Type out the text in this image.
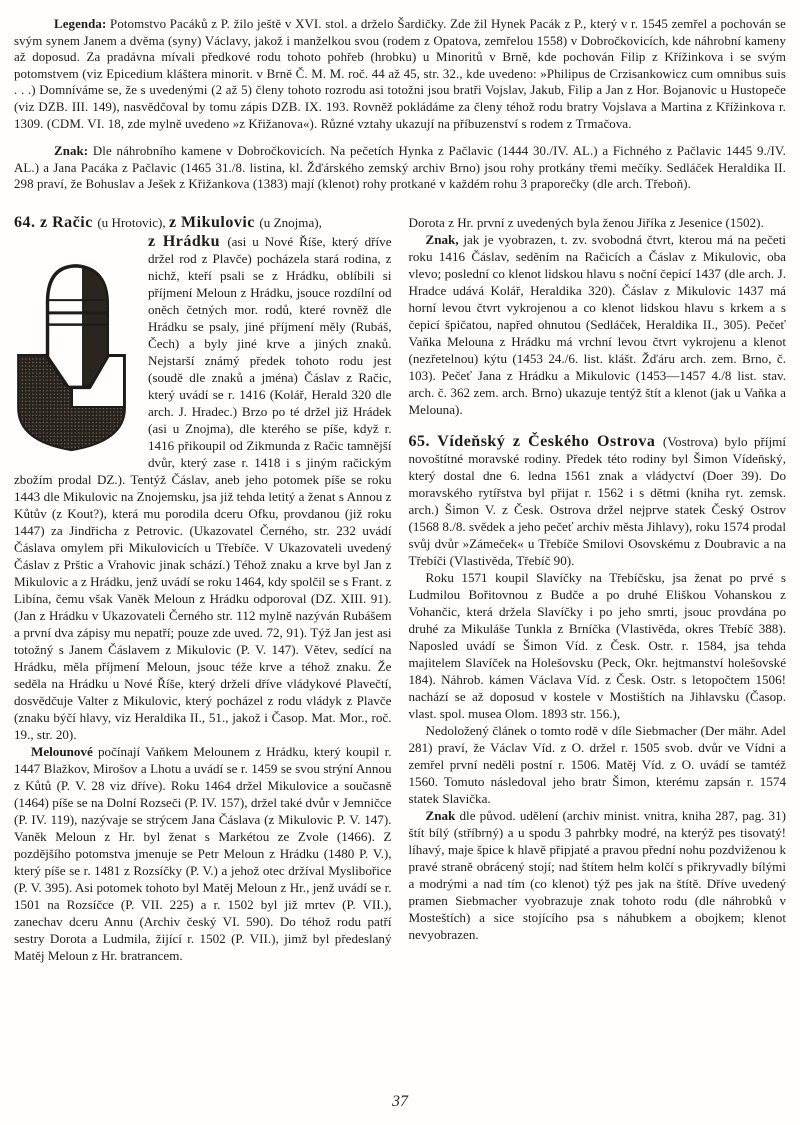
Legenda: Potomstvo Pacáků z P. žilo ještě v XVI. stol. a drželo Šardičky. Zde žil Hynek Pacák z P., který v r. 1545 zemřel a pochován se svým synem Janem a dvěma (syny) Václavy, jakož i manželkou svou (rodem z Opatova, zemřelou 1558) v Dobročkovicích, kde náhrobní kameny až doposud. Za pradávna mívali předkové rodu tohoto pohřeb (hrobku) u Minoritů v Brně, kde pochován Filip z Křížinkova i se svým potomstvem (viz Epicedium kláštera minorit. v Brně Č. M. M. roč. 44 až 45, str. 32., kde uvedeno: »Philipus de Crzisankowicz cum omnibus suis . . .) Domníváme se, že s uvedenými (2 až 5) členy tohoto rozrodu asi totožni jsou bratři Vojslav, Jakub, Filip a Jan z Hor. Bojanovic u Hustopeče (viz DZB. III. 149), nasvědčoval by tomu zápis DZB. IX. 193. Rovněž pokládáme za členy téhož rodu bratry Vojslava a Martina z Křížinkova r. 1309. (CDM. VI. 18, zde mylně uvedeno »z Křižanova«). Různé vztahy ukazují na příbuzenství s rodem z Trmačova.

Znak: Dle náhrobního kamene v Dobročkovicích. Na pečetích Hynka z Pačlavic (1444 30./IV. AL.) a Fichného z Pačlavic 1445 9./IV. AL.) a Jana Pacáka z Pačlavic (1465 31./8. listina, kl. Žďárského zemský archiv Brno) jsou rohy protkány třemi mečíky. Sedláček Heraldika II. 298 praví, že Bohuslav a Ješek z Křižankova (1383) mají (klenot) rohy protkané v každém rohu 3 praporečky (dle arch. Třeboň).

64. z Račic (u Hrotovic), z Mikulovic (u Znojma),

z Hrádku (asi u Nové Říše, který dříve držel rod z Plavče) pocházela stará rodina, z nichž, kteří psali se z Hrádku, oblíbili si příjmení Meloun z Hrádku, jsouce rozdílní od oněch četných mor. rodů, které rovněž dle Hrádku se psaly, jiné příjmení měly (Rubáš, Čech) a byly jiné krve a jiných znaků. Nejstarší známý předek tohoto rodu jest (soudě dle znaků a jména) Čáslav z Račic, který uvádí se r. 1416 (Kolář, Herald 320 dle arch. J. Hradec.) Brzo po té držel již Hrádek (asi u Znojma), dle kterého se píše, když r. 1416 přikoupil od Zikmunda z Račic tamnější dvůr, který zase r. 1418 i s jiným račickým zbožím prodal DZ.). Tentýž Čáslav, aneb jeho potomek píše se roku 1443 dle Mikulovic na Znojemsku, jsa již tehda letitý a ženat s Annou z Kůtův (z Kout?), která mu porodila dceru Ofku, provdanou (již roku 1447) za Jindřicha z Petrovic. (Ukazovatel Černého, str. 232 uvádí Čáslava omylem při Mikulovicích u Třebíče. V Ukazovateli uvedený Čáslav z Prštic a Vrahovic jinak schází.) Téhož znaku a krve byl Jan z Mikulovic a z Hrádku, jenž uvádí se roku 1464, kdy spolčil se s Frant. z Libína, čemu však Vaněk Meloun z Hrádku odporoval (DZ. XIII. 91). (Jan z Hrádku v Ukazovateli Černého str. 112 mylně nazýván Rubášem a první dva zápisy mu nepatří; pouze zde uved. 72, 91). Týž Jan jest asi totožný s Janem Čáslavem z Mikulovic (P. V. 147). Větev, sedící na Hrádku, měla příjmení Meloun, jsouc téže krve a téhož znaku. Že seděla na Hrádku u Nové Říše, který drželi dříve vládykové Plavečtí, dosvědčuje Valter z Mikulovic, který pocházel z rodu vládyk z Plavče (znaku býčí hlavy, viz Heraldika II., 51., jakož i Časop. Mat. Mor., roč. 19., str. 20).

Melounové počínají Vaňkem Melounem z Hrádku, který koupil r. 1447 Blažkov, Mirošov a Lhotu a uvádí se r. 1459 se svou strýní Annou z Kůtů (P. V. 28 viz dříve). Roku 1464 držel Mikulovice a současně (1464) píše se na Dolní Rozseči (P. IV. 157), držel také dvůr v Jemničce (P. IV. 119), nazývaje se strýcem Jana Čáslava (z Mikulovic P. V. 147). Vaněk Meloun z Hr. byl ženat s Markétou ze Zvole (1466). Z pozdějšího potomstva jmenuje se Petr Meloun z Hrádku (1480 P. V.), který píše se r. 1481 z Rozsíčky (P. V.) a jehož otec držíval Myslibořice (P. V. 395). Asi potomek tohoto byl Matěj Meloun z Hr., jenž uvádí se r. 1501 na Rozsíčce (P. VII. 225) a r. 1502 byl již mrtev (P. VII.), zanechav dceru Annu (Archiv český VI. 590). Do téhož rodu patří sestry Dorota a Ludmila, žijící r. 1502 (P. VII.), jimž byl předeslaný Matěj Meloun z Hr. bratrancem.

Dorota z Hr. první z uvedených byla ženou Jiříka z Jesenice (1502).

Znak, jak je vyobrazen, t. zv. svobodná čtvrt, kterou má na pečeti roku 1416 Čáslav, seděním na Račicích a Čáslav z Mikulovic, oba vlevo; poslední co klenot lidskou hlavu s noční čepicí 1437 (dle arch. J. Hradce udává Kolář, Heraldika 320). Čáslav z Mikulovic 1437 má horní levou čtvrt vykrojenou a co klenot lidskou hlavu s krkem a s čepicí špičatou, napřed ohnutou (Sedláček, Heraldika II., 305). Pečeť Vaňka Melouna z Hrádku má vrchní levou čtvrt vykrojenu a klenot (nezřetelnou) kýtu (1453 24./6. list. klášt. Žďáru arch. zem. Brno, č. 103). Pečeť Jana z Hrádku a Mikulovic (1453—1457 4./8 list. stav. arch. č. 362 zem. arch. Brno) ukazuje tentýž štít a klenot (jak u Vaňka a Melouna).

65. Vídeňský z Českého Ostrova (Vostrova) bylo příjmí novoštítné moravské rodiny. Předek této rodiny byl Šimon Vídeňský, který dostal dne 6. ledna 1561 znak a vládyctví (Doer 39). Do moravského rytířstva byl přijat r. 1562 i s dětmi (kniha ryt. zemsk. arch.) Šimon V. z Česk. Ostrova držel nejprve statek Český Ostrov (1568 8./8. svědek a jeho pečeť archiv města Jihlavy), roku 1574 prodal svůj dvůr »Zámeček« u Třebíče Smilovi Osovskému z Doubravic a na Třebíči (Vlastivěda, Třebíč 90).

Roku 1571 koupil Slavíčky na Třebíčsku, jsa ženat po prvé s Ludmilou Bořitovnou z Budče a po druhé Eliškou Vohanskou z Vohančic, která držela Slavíčky i po jeho smrti, jsouc provdána po druhé za Mikuláše Tunkla z Brníčka (Vlastivěda, okres Třebíč 388). Naposled uvádí se Šimon Víd. z Česk. Ostr. r. 1584, jsa tehda majitelem Slavíček na Holešovsku (Peck, Okr. hejtmanství holešovské 184). Náhrob. kámen Václava Víd. z Česk. Ostr. s letopočtem 1506! nachází se až doposud v kostele v Mostištích na Jihlavsku (Časop. vlast. spol. musea Olom. 1893 str. 156.),

Nedoložený článek o tomto rodě v díle Siebmacher (Der mähr. Adel 281) praví, že Václav Víd. z O. držel r. 1505 svob. dvůr ve Vídni a zemřel první neděli postní r. 1506. Matěj Víd. z O. uvádí se tamtéž 1560. Tomuto následoval jeho bratr Šimon, kterému zapsán r. 1574 statek Slavička.

Znak dle původ. udělení (archiv minist. vnitra, kniha 287, pag. 31) štít bílý (stříbrný) a u spodu 3 pahrbky modré, na kterýž pes tisovatý! líhavý, maje špice k hlavě připjaté a pravou přední nohu pozdviženou k pravé straně obrácený stojí; nad štítem helm kolčí s přikryvadly bílými a modrými a nad tím (co klenot) týž pes jak na štítě. Dříve uvedený pramen Siebmacher vyobrazuje znak tohoto rodu (dle náhrobků v Mosteštích) a sice stojícího psa s náhubkem a obojkem; klenot nevyobrazen.

37
